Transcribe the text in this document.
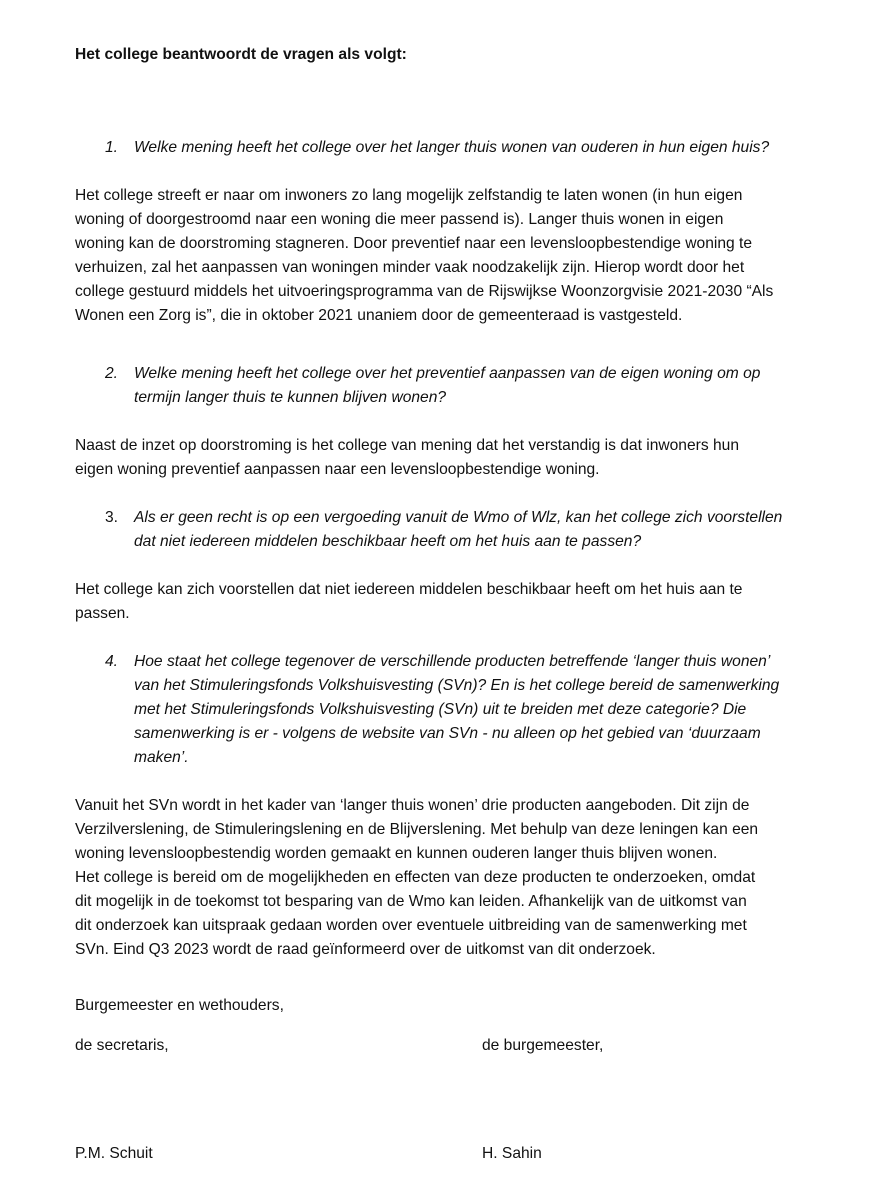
Het college beantwoordt de vragen als volgt:
1. Welke mening heeft het college over het langer thuis wonen van ouderen in hun eigen huis?
Het college streeft er naar om inwoners zo lang mogelijk zelfstandig te laten wonen (in hun eigen
woning of doorgestroomd naar een woning die meer passend is). Langer thuis wonen in eigen
woning kan de doorstroming stagneren. Door preventief naar een levensloopbestendige woning te
verhuizen, zal het aanpassen van woningen minder vaak noodzakelijk zijn. Hierop wordt door het
college gestuurd middels het uitvoeringsprogramma van de Rijswijkse Woonzorgvisie 2021-2030 “Als
Wonen een Zorg is”, die in oktober 2021 unaniem door de gemeenteraad is vastgesteld.
2. Welke mening heeft het college over het preventief aanpassen van de eigen woning om op
termijn langer thuis te kunnen blijven wonen?
Naast de inzet op doorstroming is het college van mening dat het verstandig is dat inwoners hun
eigen woning preventief aanpassen naar een levensloopbestendige woning.
3. Als er geen recht is op een vergoeding vanuit de Wmo of Wlz, kan het college zich voorstellen
dat niet iedereen middelen beschikbaar heeft om het huis aan te passen?
Het college kan zich voorstellen dat niet iedereen middelen beschikbaar heeft om het huis aan te
passen.
4. Hoe staat het college tegenover de verschillende producten betreffende ‘langer thuis wonen’
van het Stimuleringsfonds Volkshuisvesting (SVn)? En is het college bereid de samenwerking
met het Stimuleringsfonds Volkshuisvesting (SVn) uit te breiden met deze categorie? Die
samenwerking is er - volgens de website van SVn - nu alleen op het gebied van ‘duurzaam
maken’.
Vanuit het SVn wordt in het kader van ‘langer thuis wonen’ drie producten aangeboden. Dit zijn de
Verzilverslening, de Stimuleringslening en de Blijverslening. Met behulp van deze leningen kan een
woning levensloopbestendig worden gemaakt en kunnen ouderen langer thuis blijven wonen.
Het college is bereid om de mogelijkheden en effecten van deze producten te onderzoeken, omdat
dit mogelijk in de toekomst tot besparing van de Wmo kan leiden. Afhankelijk van de uitkomst van
dit onderzoek kan uitspraak gedaan worden over eventuele uitbreiding van de samenwerking met
SVn. Eind Q3 2023 wordt de raad geïnformeerd over de uitkomst van dit onderzoek.
Burgemeester en wethouders,
de secretaris,	de burgemeester,
P.M. Schuit	H. Sahin
